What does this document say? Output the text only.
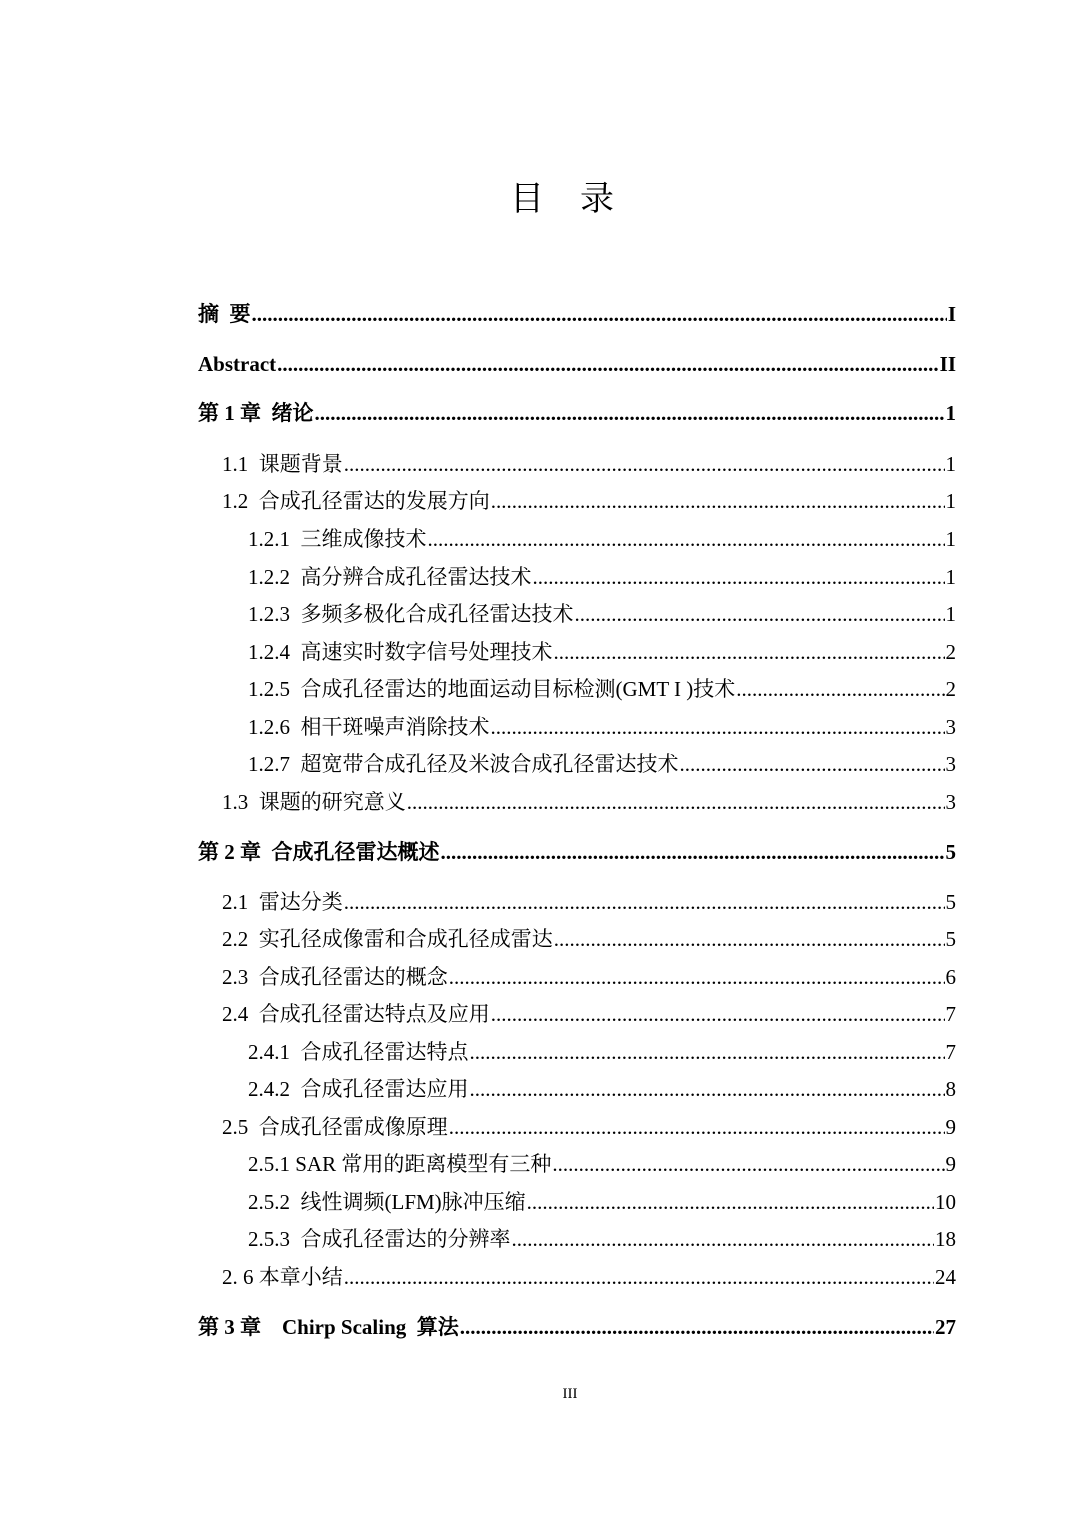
目录
摘  要 .....	I
Abstract .....	II
第 1 章  绪论 .....	1
1.1  课题背景 .....	1
1.2  合成孔径雷达的发展方向 .....	1
1.2.1  三维成像技术 .....	1
1.2.2  高分辨合成孔径雷达技术 .....	1
1.2.3  多频多极化合成孔径雷达技术 .....	1
1.2.4  高速实时数字信号处理技术 .....	2
1.2.5  合成孔径雷达的地面运动目标检测(GMT I )技术 .....	2
1.2.6  相干斑噪声消除技术 .....	3
1.2.7  超宽带合成孔径及米波合成孔径雷达技术 .....	3
1.3  课题的研究意义 .....	3
第 2 章  合成孔径雷达概述 .....	5
2.1  雷达分类 .....	5
2.2  实孔径成像雷和合成孔径成雷达 .....	5
2.3  合成孔径雷达的概念 .....	6
2.4  合成孔径雷达特点及应用 .....	7
2.4.1  合成孔径雷达特点 .....	7
2.4.2  合成孔径雷达应用 .....	8
2.5  合成孔径雷成像原理 .....	9
2.5.1 SAR 常用的距离模型有三种 .....	9
2.5.2  线性调频(LFM)脉冲压缩 .....	10
2.5.3  合成孔径雷达的分辨率 .....	18
2. 6 本章小结 .....	24
第 3 章    Chirp Scaling  算法 .....	27
III
